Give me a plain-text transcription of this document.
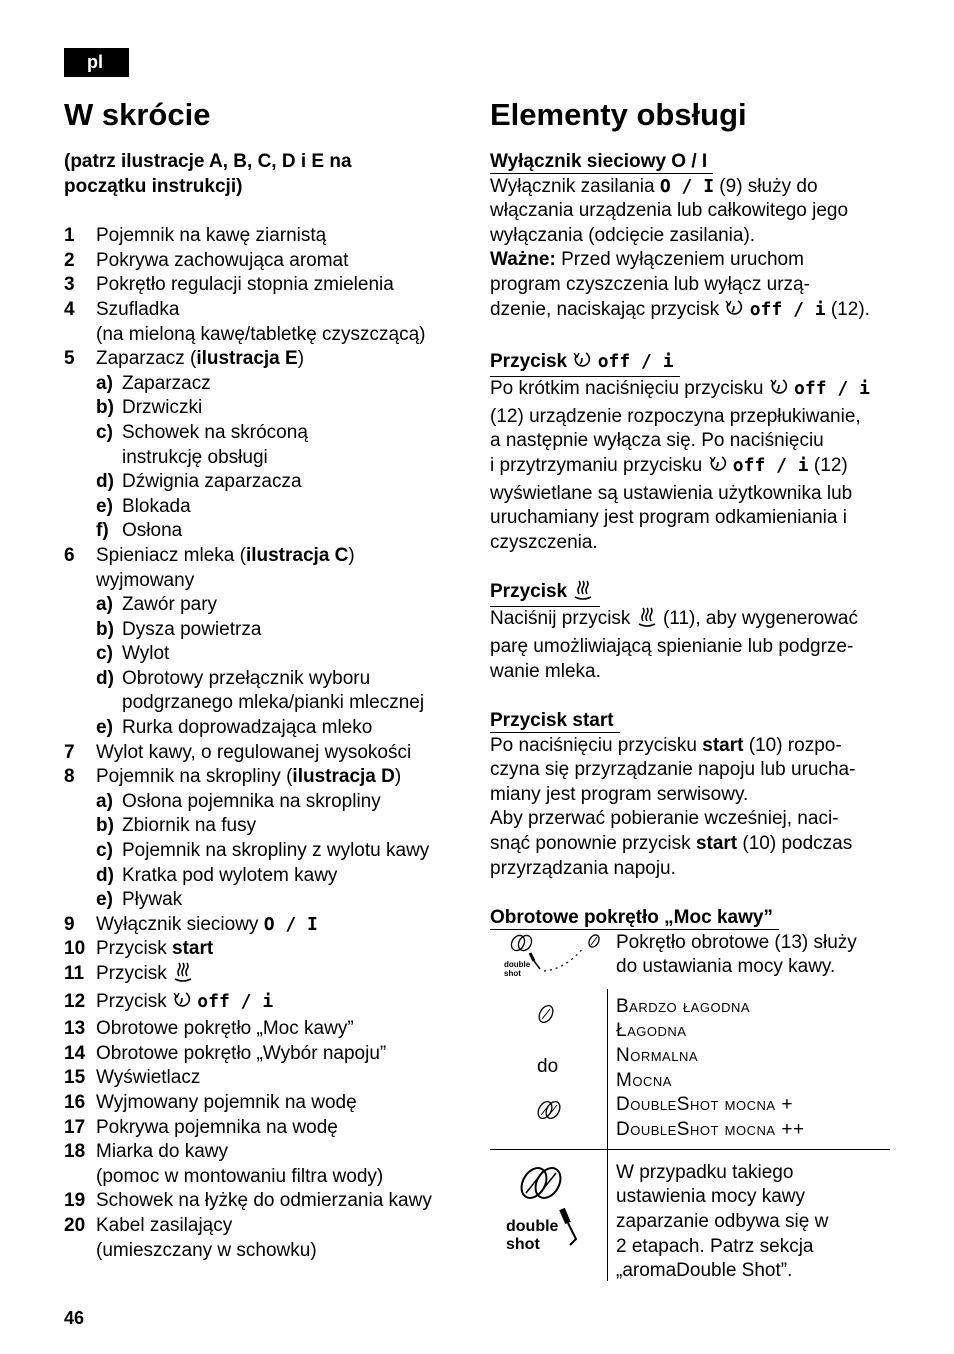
pl
W skrócie	Elementy obsługi

(patrz ilustracje A, B, C, D i E na
początku instrukcji)

1 Pojemnik na kawę ziarnistą
2 Pokrywa zachowująca aromat
3 Pokrętło regulacji stopnia zmielenia
4 Szufladka
(na mieloną kawę/tabletkę czyszczącą)
5 Zaparzacz (ilustracja E)
a) Zaparzacz
b) Drzwiczki
c) Schowek na skróconą
instrukcję obsługi
d) Dźwignia zaparzacza
e) Blokada
f) Osłona
6 Spieniacz mleka (ilustracja C)
wyjmowany
a) Zawór pary
b) Dysza powietrza
c) Wylot
d) Obrotowy przełącznik wyboru
podgrzanego mleka/pianki mlecznej
e) Rurka doprowadzająca mleko
7 Wylot kawy, o regulowanej wysokości
8 Pojemnik na skropliny (ilustracja D)
a) Osłona pojemnika na skropliny
b) Zbiornik na fusy
c) Pojemnik na skropliny z wylotu kawy
d) Kratka pod wylotem kawy
e) Pływak
9 Wyłącznik sieciowy O / I
10 Przycisk start
11 Przycisk
12 Przycisk off / i
13 Obrotowe pokrętło „Moc kawy”
14 Obrotowe pokrętło „Wybór napoju”
15 Wyświetlacz
16 Wyjmowany pojemnik na wodę
17 Pokrywa pojemnika na wodę
18 Miarka do kawy
(pomoc w montowaniu filtra wody)
19 Schowek na łyżkę do odmierzania kawy
20 Kabel zasilający
(umieszczany w schowku)
Wyłącznik sieciowy O / I

Wyłącznik zasilania O / I (9) służy do
włączania urządzenia lub całkowitego jego
wyłączania (odcięcie zasilania).
Ważne: Przed wyłączeniem uruchom
program czyszczenia lub wyłącz urzą-
dzenie, naciskając przycisk off / i (12).

Przycisk off / i

Po krótkim naciśnięciu przycisku off / i
(12) urządzenie rozpoczyna przepłukiwanie,
a następnie wyłącza się. Po naciśnięciu
i przytrzymaniu przycisku off / i (12)
wyświetlane są ustawienia użytkownika lub
uruchamiany jest program odkamieniania i
czyszczenia.

Przycisk

Naciśnij przycisk  (11), aby wygenerować
parę umożliwiającą spienianie lub podgrze-
wanie mleka.

Przycisk start

Po naciśnięciu przycisku start (10) rozpo-
czyna się przyrządzanie napoju lub urucha-
miany jest program serwisowy.
Aby przerwać pobieranie wcześniej, naci-
snąć ponownie przycisk start (10) podczas
przyrządzania napoju.

Obrotowe pokrętło „Moc kawy”
double
shot
Pokrętło obrotowe (13) służy
do ustawiania mocy kawy.
do
Bardzo łagodna
Łagodna
Normalna
Mocna
DoubleShot mocna +
DoubleShot mocna ++
double
shot
W przypadku takiego
ustawienia mocy kawy
zaparzanie odbywa się w
2 etapach. Patrz sekcja
„aromaDouble Shot”.
46
